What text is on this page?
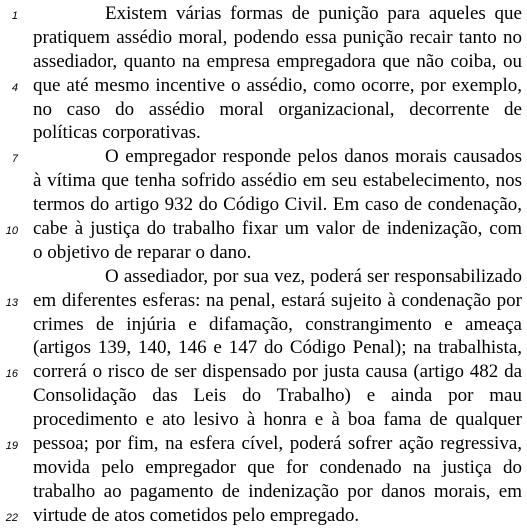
Existem várias formas de punição para aqueles que
pratiquem assédio moral, podendo essa punição recair tanto no
assediador, quanto na empresa empregadora que não coiba, ou
que até mesmo incentive o assédio, como ocorre, por exemplo,
no caso do assédio moral organizacional, decorrente de
políticas corporativas.
O empregador responde pelos danos morais causados
à vítima que tenha sofrido assédio em seu estabelecimento, nos
termos do artigo 932 do Código Civil. Em caso de condenação,
cabe à justiça do trabalho fixar um valor de indenização, com
o objetivo de reparar o dano.
O assediador, por sua vez, poderá ser responsabilizado
em diferentes esferas: na penal, estará sujeito à condenação por
crimes de injúria e difamação, constrangimento e ameaça
(artigos 139, 140, 146 e 147 do Código Penal); na trabalhista,
correrá o risco de ser dispensado por justa causa (artigo 482 da
Consolidação das Leis do Trabalho) e ainda por mau
procedimento e ato lesivo à honra e à boa fama de qualquer
pessoa; por fim, na esfera cível, poderá sofrer ação regressiva,
movida pelo empregador que for condenado na justiça do
trabalho ao pagamento de indenização por danos morais, em
virtude de atos cometidos pelo empregado.
1
4
7
10
13
16
19
22
